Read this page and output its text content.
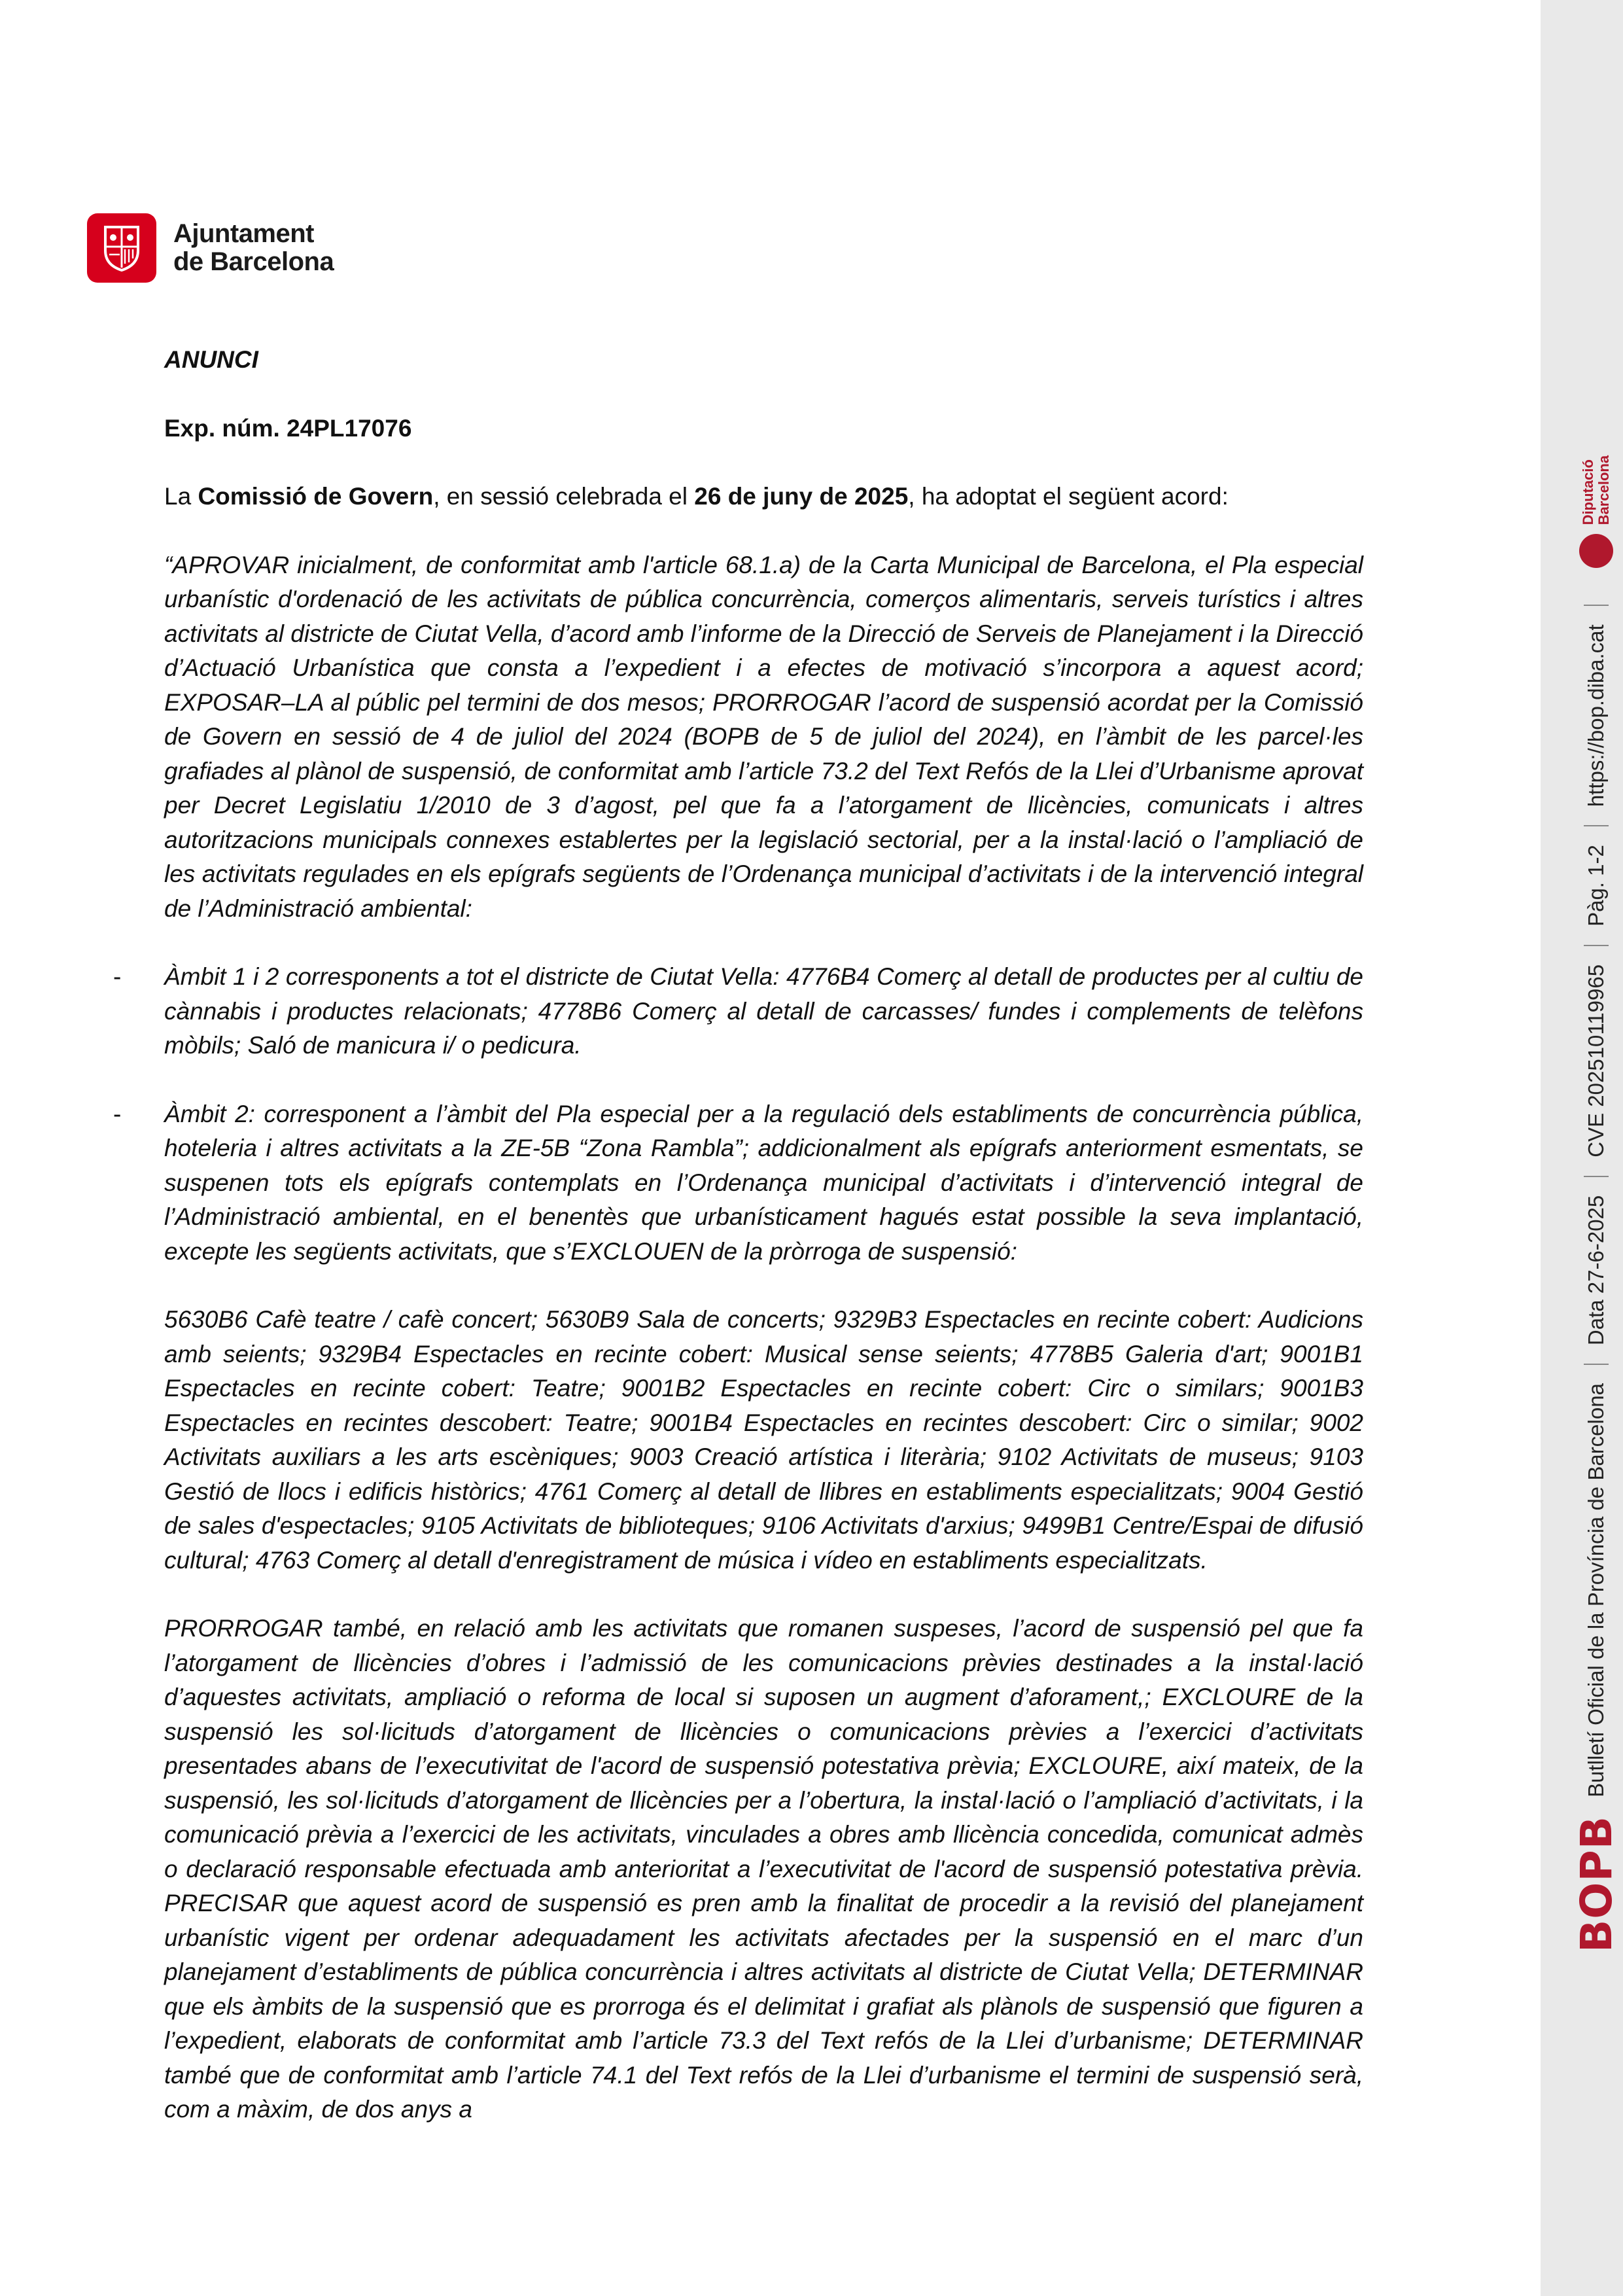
Ajuntament
de Barcelona

ANUNCI

Exp. núm. 24PL17076

La Comissió de Govern, en sessió celebrada el 26 de juny de 2025, ha adoptat el següent acord:

“APROVAR inicialment, de conformitat amb l'article 68.1.a) de la Carta Municipal de Barcelona, el Pla especial urbanístic d'ordenació de les activitats de pública concurrència, comerços alimentaris, serveis turístics i altres activitats al districte de Ciutat Vella, d’acord amb l’informe de la Direcció de Serveis de Planejament i la Direcció d’Actuació Urbanística que consta a l’expedient i a efectes de motivació s’incorpora a aquest acord; EXPOSAR–LA al públic pel termini de dos mesos; PRORROGAR l’acord de suspensió acordat per la Comissió de Govern en sessió de 4 de juliol del 2024 (BOPB de 5 de juliol del 2024), en l’àmbit de les parcel·les grafiades al plànol de suspensió, de conformitat amb l’article 73.2 del Text Refós de la Llei d’Urbanisme aprovat per Decret Legislatiu 1/2010 de 3 d’agost, pel que fa a l’atorgament de llicències, comunicats i altres autoritzacions municipals connexes establertes per la legislació sectorial, per a la instal·lació o l’ampliació de les activitats regulades en els epígrafs següents de l’Ordenança municipal d’activitats i de la intervenció integral de l’Administració ambiental:

- Àmbit 1 i 2 corresponents a tot el districte de Ciutat Vella: 4776B4 Comerç al detall de productes per al cultiu de cànnabis i productes relacionats; 4778B6 Comerç al detall de carcasses/ fundes i complements de telèfons mòbils; Saló de manicura i/ o pedicura.

- Àmbit 2: corresponent a l’àmbit del Pla especial per a la regulació dels establiments de concurrència pública, hoteleria i altres activitats a la ZE-5B “Zona Rambla”; addicionalment als epígrafs anteriorment esmentats, se suspenen tots els epígrafs contemplats en l’Ordenança municipal d’activitats i d’intervenció integral de l’Administració ambiental, en el benentès que urbanísticament hagués estat possible la seva implantació, excepte les següents activitats, que s’EXCLOUEN de la pròrroga de suspensió:

5630B6 Cafè teatre / cafè concert; 5630B9 Sala de concerts; 9329B3 Espectacles en recinte cobert: Audicions amb seients; 9329B4 Espectacles en recinte cobert: Musical sense seients; 4778B5 Galeria d'art; 9001B1 Espectacles en recinte cobert: Teatre; 9001B2 Espectacles en recinte cobert: Circ o similars; 9001B3 Espectacles en recintes descobert: Teatre; 9001B4 Espectacles en recintes descobert: Circ o similar; 9002 Activitats auxiliars a les arts escèniques; 9003 Creació artística i literària; 9102 Activitats de museus; 9103 Gestió de llocs i edificis històrics; 4761 Comerç al detall de llibres en establiments especialitzats; 9004 Gestió de sales d'espectacles; 9105 Activitats de biblioteques; 9106 Activitats d'arxius; 9499B1 Centre/Espai de difusió cultural; 4763 Comerç al detall d'enregistrament de música i vídeo en establiments especialitzats.

PRORROGAR també, en relació amb les activitats que romanen suspeses, l’acord de suspensió pel que fa l’atorgament de llicències d’obres i l’admissió de les comunicacions prèvies destinades a la instal·lació d’aquestes activitats, ampliació o reforma de local si suposen un augment d’aforament,; EXCLOURE de la suspensió les sol·licituds d’atorgament de llicències o comunicacions prèvies a l’exercici d’activitats presentades abans de l’executivitat de l'acord de suspensió potestativa prèvia; EXCLOURE, així mateix, de la suspensió, les sol·licituds d’atorgament de llicències per a l’obertura, la instal·lació o l’ampliació d’activitats, i la comunicació prèvia a l’exercici de les activitats, vinculades a obres amb llicència concedida, comunicat admès o declaració responsable efectuada amb anterioritat a l’executivitat de l'acord de suspensió potestativa prèvia. PRECISAR que aquest acord de suspensió es pren amb la finalitat de procedir a la revisió del planejament urbanístic vigent per ordenar adequadament les activitats afectades per la suspensió en el marc d’un planejament d’establiments de pública concurrència i altres activitats al districte de Ciutat Vella; DETERMINAR que els àmbits de la suspensió que es prorroga és el delimitat i grafiat als plànols de suspensió que figuren a l’expedient, elaborats de conformitat amb l’article 73.3 del Text refós de la Llei d’urbanisme; DETERMINAR també que de conformitat amb l’article 74.1 del Text refós de la Llei d’urbanisme el termini de suspensió serà, com a màxim, de dos anys a

BOPB
Butlletí Oficial de la Província de Barcelona
Data 27-6-2025
CVE 202510119965
Pàg. 1-2
https://bop.diba.cat
Diputació Barcelona
